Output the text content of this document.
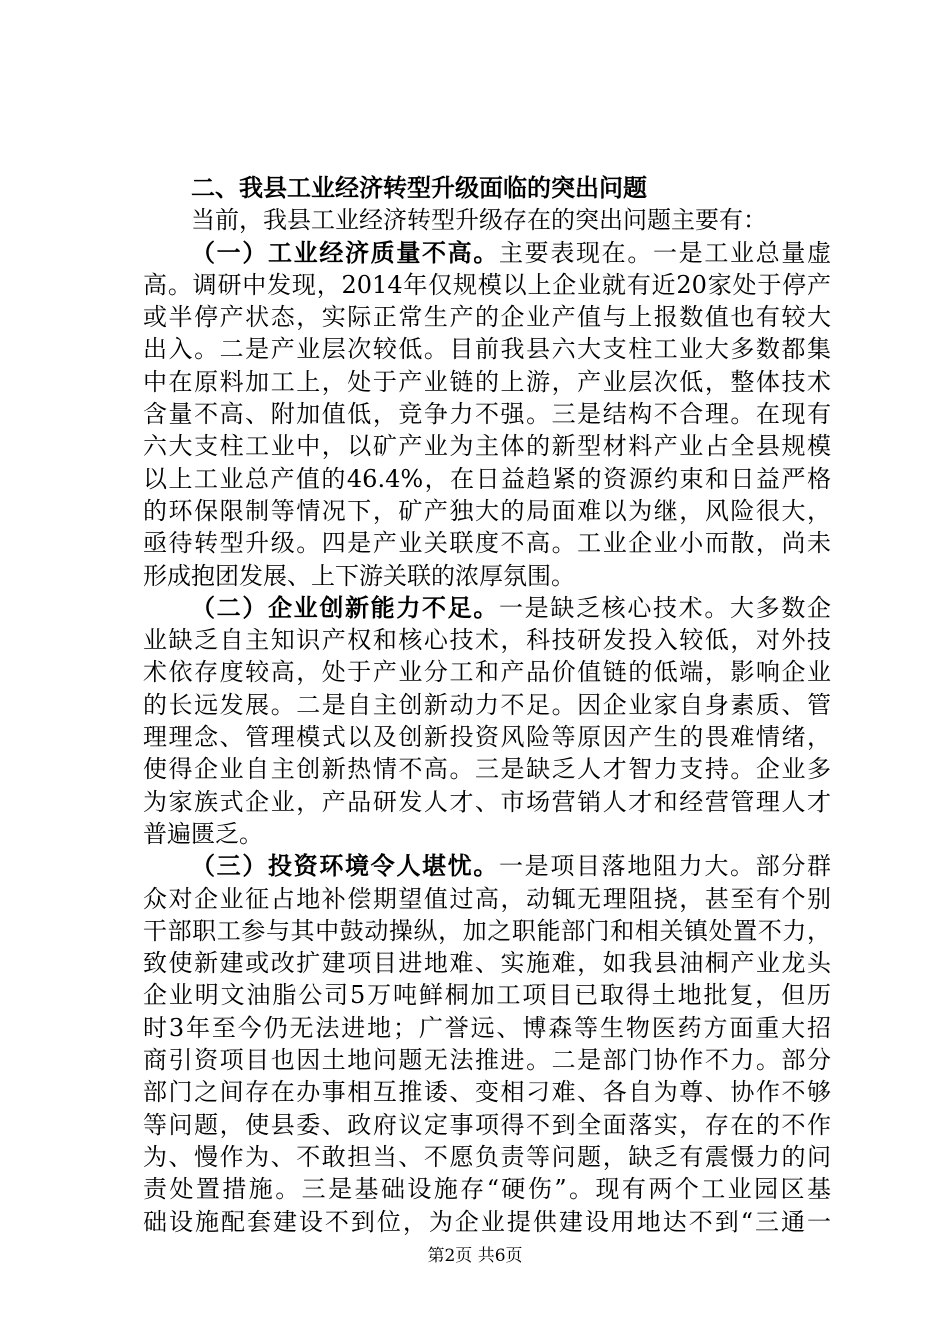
二、我县工业经济转型升级面临的突出问题
当前，我县工业经济转型升级存在的突出问题主要有：
（一）工业经济质量不高。主要表现在。一是工业总量虚
高。调研中发现，2014年仅规模以上企业就有近20家处于停产
或半停产状态，实际正常生产的企业产值与上报数值也有较大
出入。二是产业层次较低。目前我县六大支柱工业大多数都集
中在原料加工上，处于产业链的上游，产业层次低，整体技术
含量不高、附加值低，竞争力不强。三是结构不合理。在现有
六大支柱工业中，以矿产业为主体的新型材料产业占全县规模
以上工业总产值的46.4%，在日益趋紧的资源约束和日益严格
的环保限制等情况下，矿产独大的局面难以为继，风险很大，
亟待转型升级。四是产业关联度不高。工业企业小而散，尚未
形成抱团发展、上下游关联的浓厚氛围。
（二）企业创新能力不足。一是缺乏核心技术。大多数企
业缺乏自主知识产权和核心技术，科技研发投入较低，对外技
术依存度较高，处于产业分工和产品价值链的低端，影响企业
的长远发展。二是自主创新动力不足。因企业家自身素质、管
理理念、管理模式以及创新投资风险等原因产生的畏难情绪，
使得企业自主创新热情不高。三是缺乏人才智力支持。企业多
为家族式企业，产品研发人才、市场营销人才和经营管理人才
普遍匮乏。
（三）投资环境令人堪忧。一是项目落地阻力大。部分群
众对企业征占地补偿期望值过高，动辄无理阻挠，甚至有个别
干部职工参与其中鼓动操纵，加之职能部门和相关镇处置不力，
致使新建或改扩建项目进地难、实施难，如我县油桐产业龙头
企业明文油脂公司5万吨鲜桐加工项目已取得土地批复，但历
时3年至今仍无法进地；广誉远、博森等生物医药方面重大招
商引资项目也因土地问题无法推进。二是部门协作不力。部分
部门之间存在办事相互推诿、变相刁难、各自为尊、协作不够
等问题，使县委、政府议定事项得不到全面落实，存在的不作
为、慢作为、不敢担当、不愿负责等问题，缺乏有震慑力的问
责处置措施。三是基础设施存“硬伤”。现有两个工业园区基
础设施配套建设不到位，为企业提供建设用地达不到“三通一
第2页 共6页
